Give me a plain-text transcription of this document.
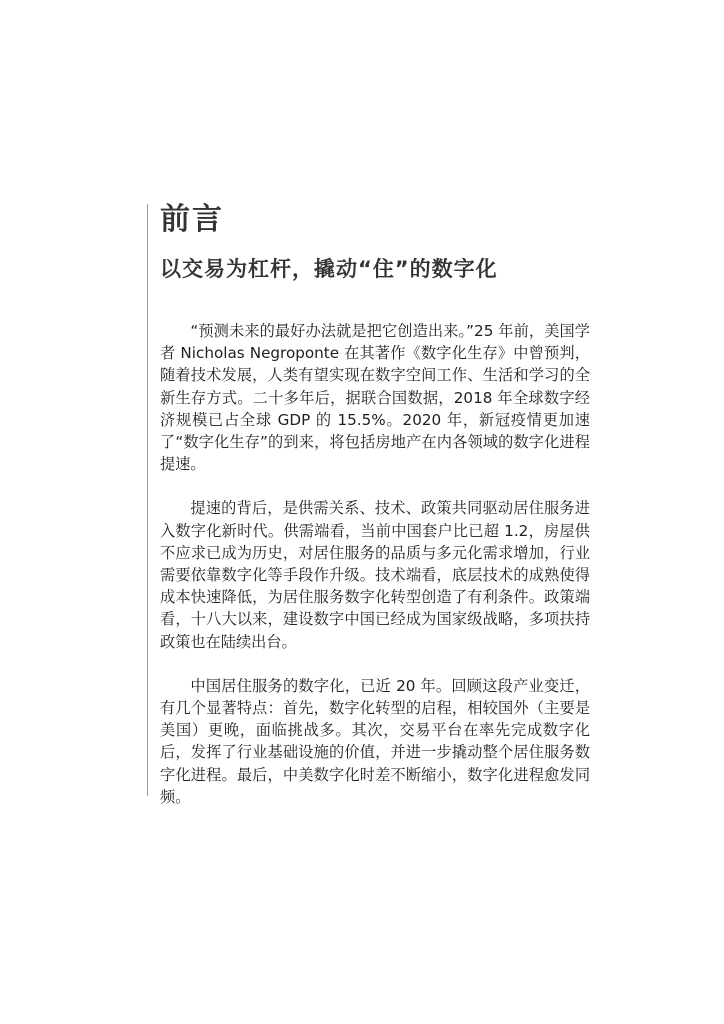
前言
以交易为杠杆，撬动“住”的数字化

“预测未来的最好办法就是把它创造出来。”25 年前，美国学者 Nicholas Negroponte 在其著作《数字化生存》中曾预判，随着技术发展，人类有望实现在数字空间工作、生活和学习的全新生存方式。二十多年后，据联合国数据，2018 年全球数字经济规模已占全球 GDP 的 15.5%。2020 年，新冠疫情更加速了“数字化生存”的到来，将包括房地产在内各领域的数字化进程提速。

提速的背后，是供需关系、技术、政策共同驱动居住服务进入数字化新时代。供需端看，当前中国套户比已超 1.2，房屋供不应求已成为历史，对居住服务的品质与多元化需求增加，行业需要依靠数字化等手段作升级。技术端看，底层技术的成熟使得成本快速降低，为居住服务数字化转型创造了有利条件。政策端看，十八大以来，建设数字中国已经成为国家级战略，多项扶持政策也在陆续出台。

中国居住服务的数字化，已近 20 年。回顾这段产业变迁，有几个显著特点：首先，数字化转型的启程，相较国外（主要是美国）更晚，面临挑战多。其次，交易平台在率先完成数字化后，发挥了行业基础设施的价值，并进一步撬动整个居住服务数字化进程。最后，中美数字化时差不断缩小，数字化进程愈发同频。
